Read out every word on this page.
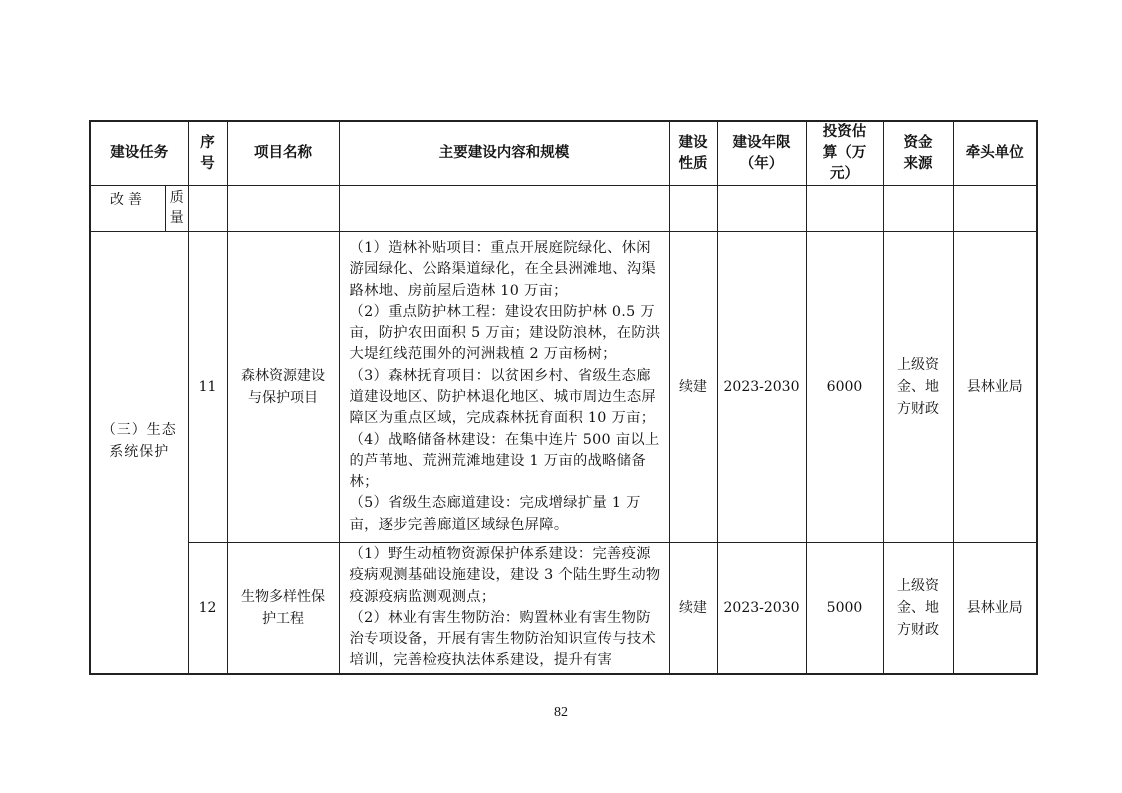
建设任务	序号	项目名称	主要建设内容和规模	建设性质	建设年限（年）	投资估算（万元）	资金来源	牵头单位

改善 质量								

（三）生态系统保护	11	森林资源建设与保护项目	（1）造林补贴项目：重点开展庭院绿化、休闲游园绿化、公路渠道绿化，在全县洲滩地、沟渠路林地、房前屋后造林 10 万亩；

（2）重点防护林工程：建设农田防护林 0.5 万亩，防护农田面积 5 万亩；建设防浪林，在防洪大堤红线范围外的河洲栽植 2 万亩杨树；

（3）森林抚育项目：以贫困乡村、省级生态廊道建设地区、防护林退化地区、城市周边生态屏障区为重点区域，完成森林抚育面积 10 万亩；

（4）战略储备林建设：在集中连片 500 亩以上的芦苇地、荒洲荒滩地建设 1 万亩的战略储备林；

（5）省级生态廊道建设：完成增绿扩量 1 万亩，逐步完善廊道区域绿色屏障。	续建	2023-2030	6000	上级资金、地方财政	县林业局
	12	生物多样性保护工程	（1）野生动植物资源保护体系建设：完善疫源疫病观测基础设施建设，建设 3 个陆生野生动物疫源疫病监测观测点；

（2）林业有害生物防治：购置林业有害生物防治专项设备，开展有害生物防治知识宣传与技术培训，完善检疫执法体系建设，提升有害	续建	2023-2030	5000	上级资金、地方财政	县林业局
82
